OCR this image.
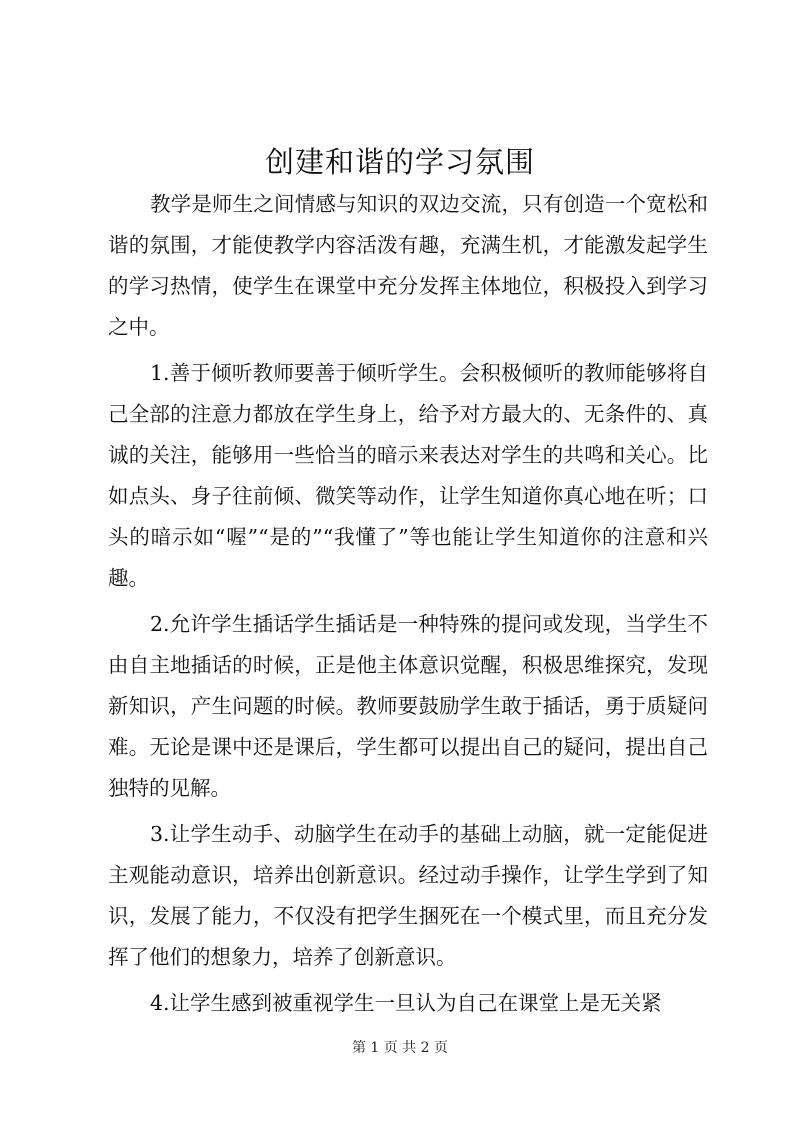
创建和谐的学习氛围

教学是师生之间情感与知识的双边交流，只有创造一个宽松和谐的氛围，才能使教学内容活泼有趣，充满生机，才能激发起学生的学习热情，使学生在课堂中充分发挥主体地位，积极投入到学习之中。

1.善于倾听教师要善于倾听学生。会积极倾听的教师能够将自己全部的注意力都放在学生身上，给予对方最大的、无条件的、真诚的关注，能够用一些恰当的暗示来表达对学生的共鸣和关心。比如点头、身子往前倾、微笑等动作，让学生知道你真心地在听；口头的暗示如“喔”“是的”“我懂了”等也能让学生知道你的注意和兴趣。

2.允许学生插话学生插话是一种特殊的提问或发现，当学生不由自主地插话的时候，正是他主体意识觉醒，积极思维探究，发现新知识，产生问题的时候。教师要鼓励学生敢于插话，勇于质疑问难。无论是课中还是课后，学生都可以提出自己的疑问，提出自己独特的见解。

3.让学生动手、动脑学生在动手的基础上动脑，就一定能促进主观能动意识，培养出创新意识。经过动手操作，让学生学到了知识，发展了能力，不仅没有把学生捆死在一个模式里，而且充分发挥了他们的想象力，培养了创新意识。

4.让学生感到被重视学生一旦认为自己在课堂上是无关紧

第 1 页 共 2 页
